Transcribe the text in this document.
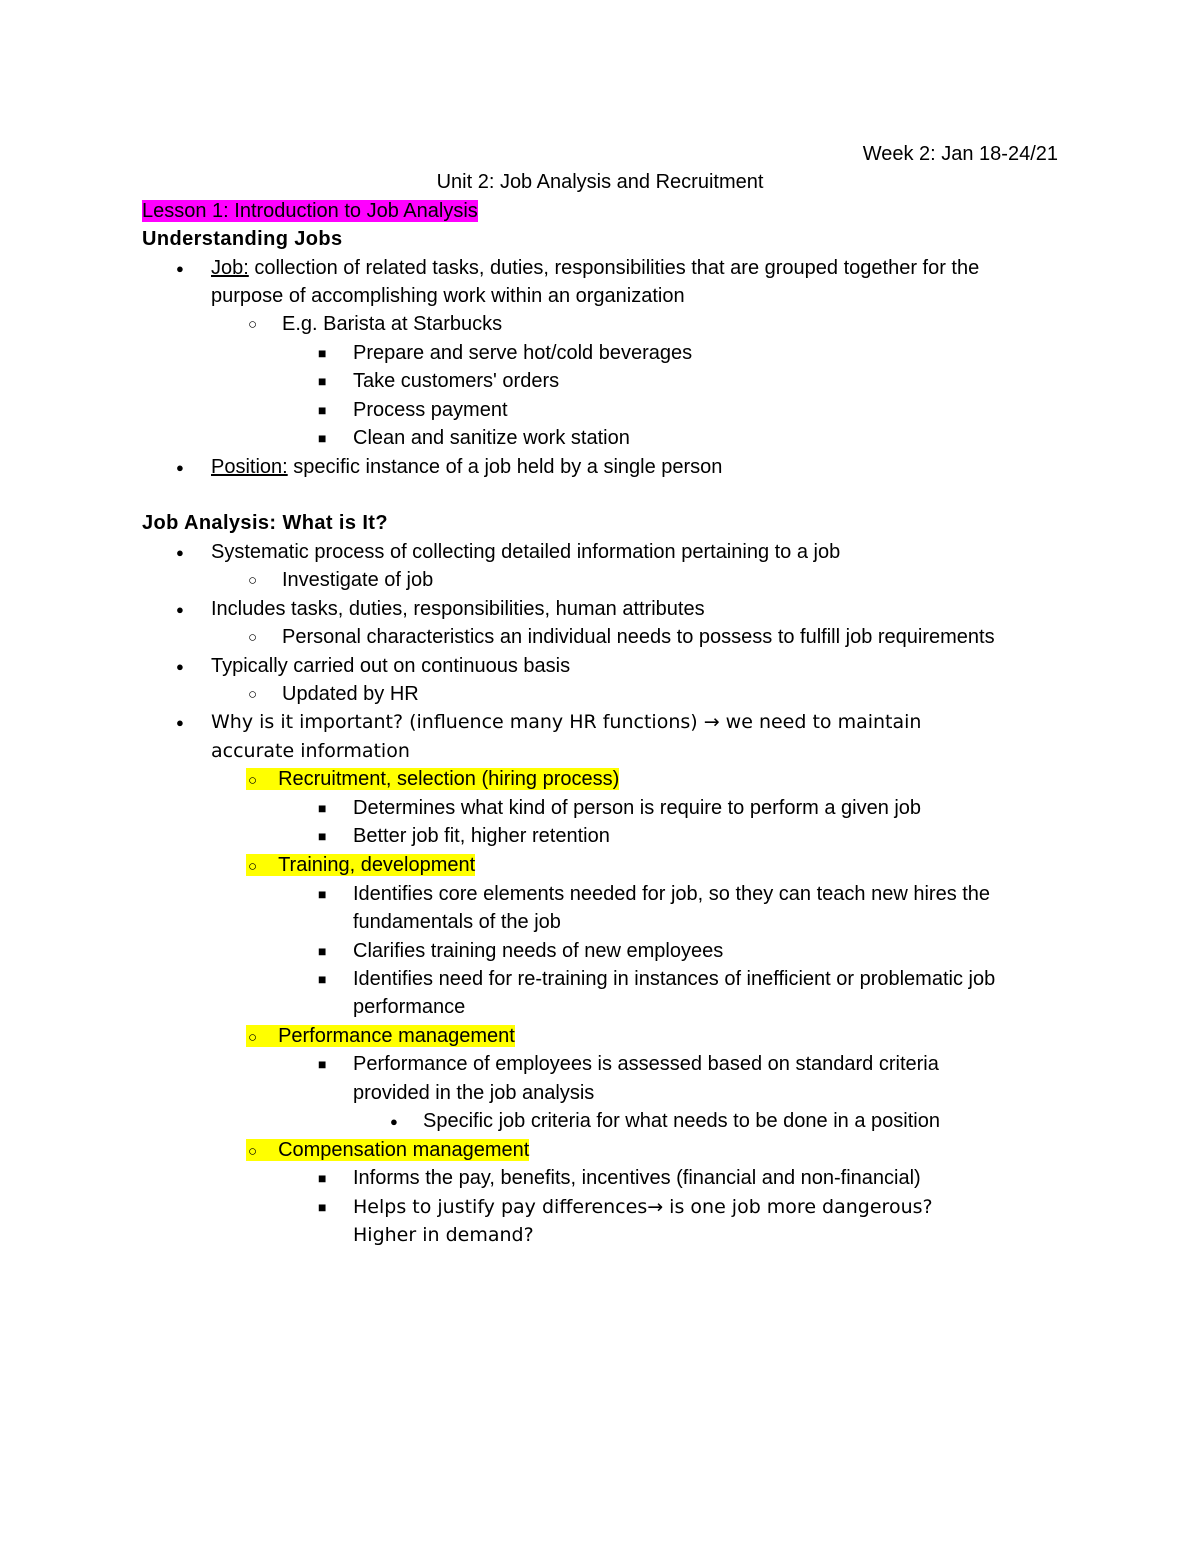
Week 2: Jan 18-24/21
Unit 2: Job Analysis and Recruitment
Lesson 1: Introduction to Job Analysis
Understanding Jobs
● Job: collection of related tasks, duties, responsibilities that are grouped together for the
purpose of accomplishing work within an organization
○ E.g. Barista at Starbucks
■ Prepare and serve hot/cold beverages
■ Take customers' orders
■ Process payment
■ Clean and sanitize work station
● Position: specific instance of a job held by a single person
Job Analysis: What is It?
● Systematic process of collecting detailed information pertaining to a job
○ Investigate of job
● Includes tasks, duties, responsibilities, human attributes
○ Personal characteristics an individual needs to possess to fulfill job requirements
● Typically carried out on continuous basis
○ Updated by HR
● Why is it important? (influence many HR functions) → we need to maintain
accurate information
○ Recruitment, selection (hiring process)
■ Determines what kind of person is require to perform a given job
■ Better job fit, higher retention
○ Training, development
■ Identifies core elements needed for job, so they can teach new hires the
fundamentals of the job
■ Clarifies training needs of new employees
■ Identifies need for re-training in instances of inefficient or problematic job
performance
○ Performance management
■ Performance of employees is assessed based on standard criteria
provided in the job analysis
● Specific job criteria for what needs to be done in a position
○ Compensation management
■ Informs the pay, benefits, incentives (financial and non-financial)
■ Helps to justify pay differences→ is one job more dangerous?
Higher in demand?
